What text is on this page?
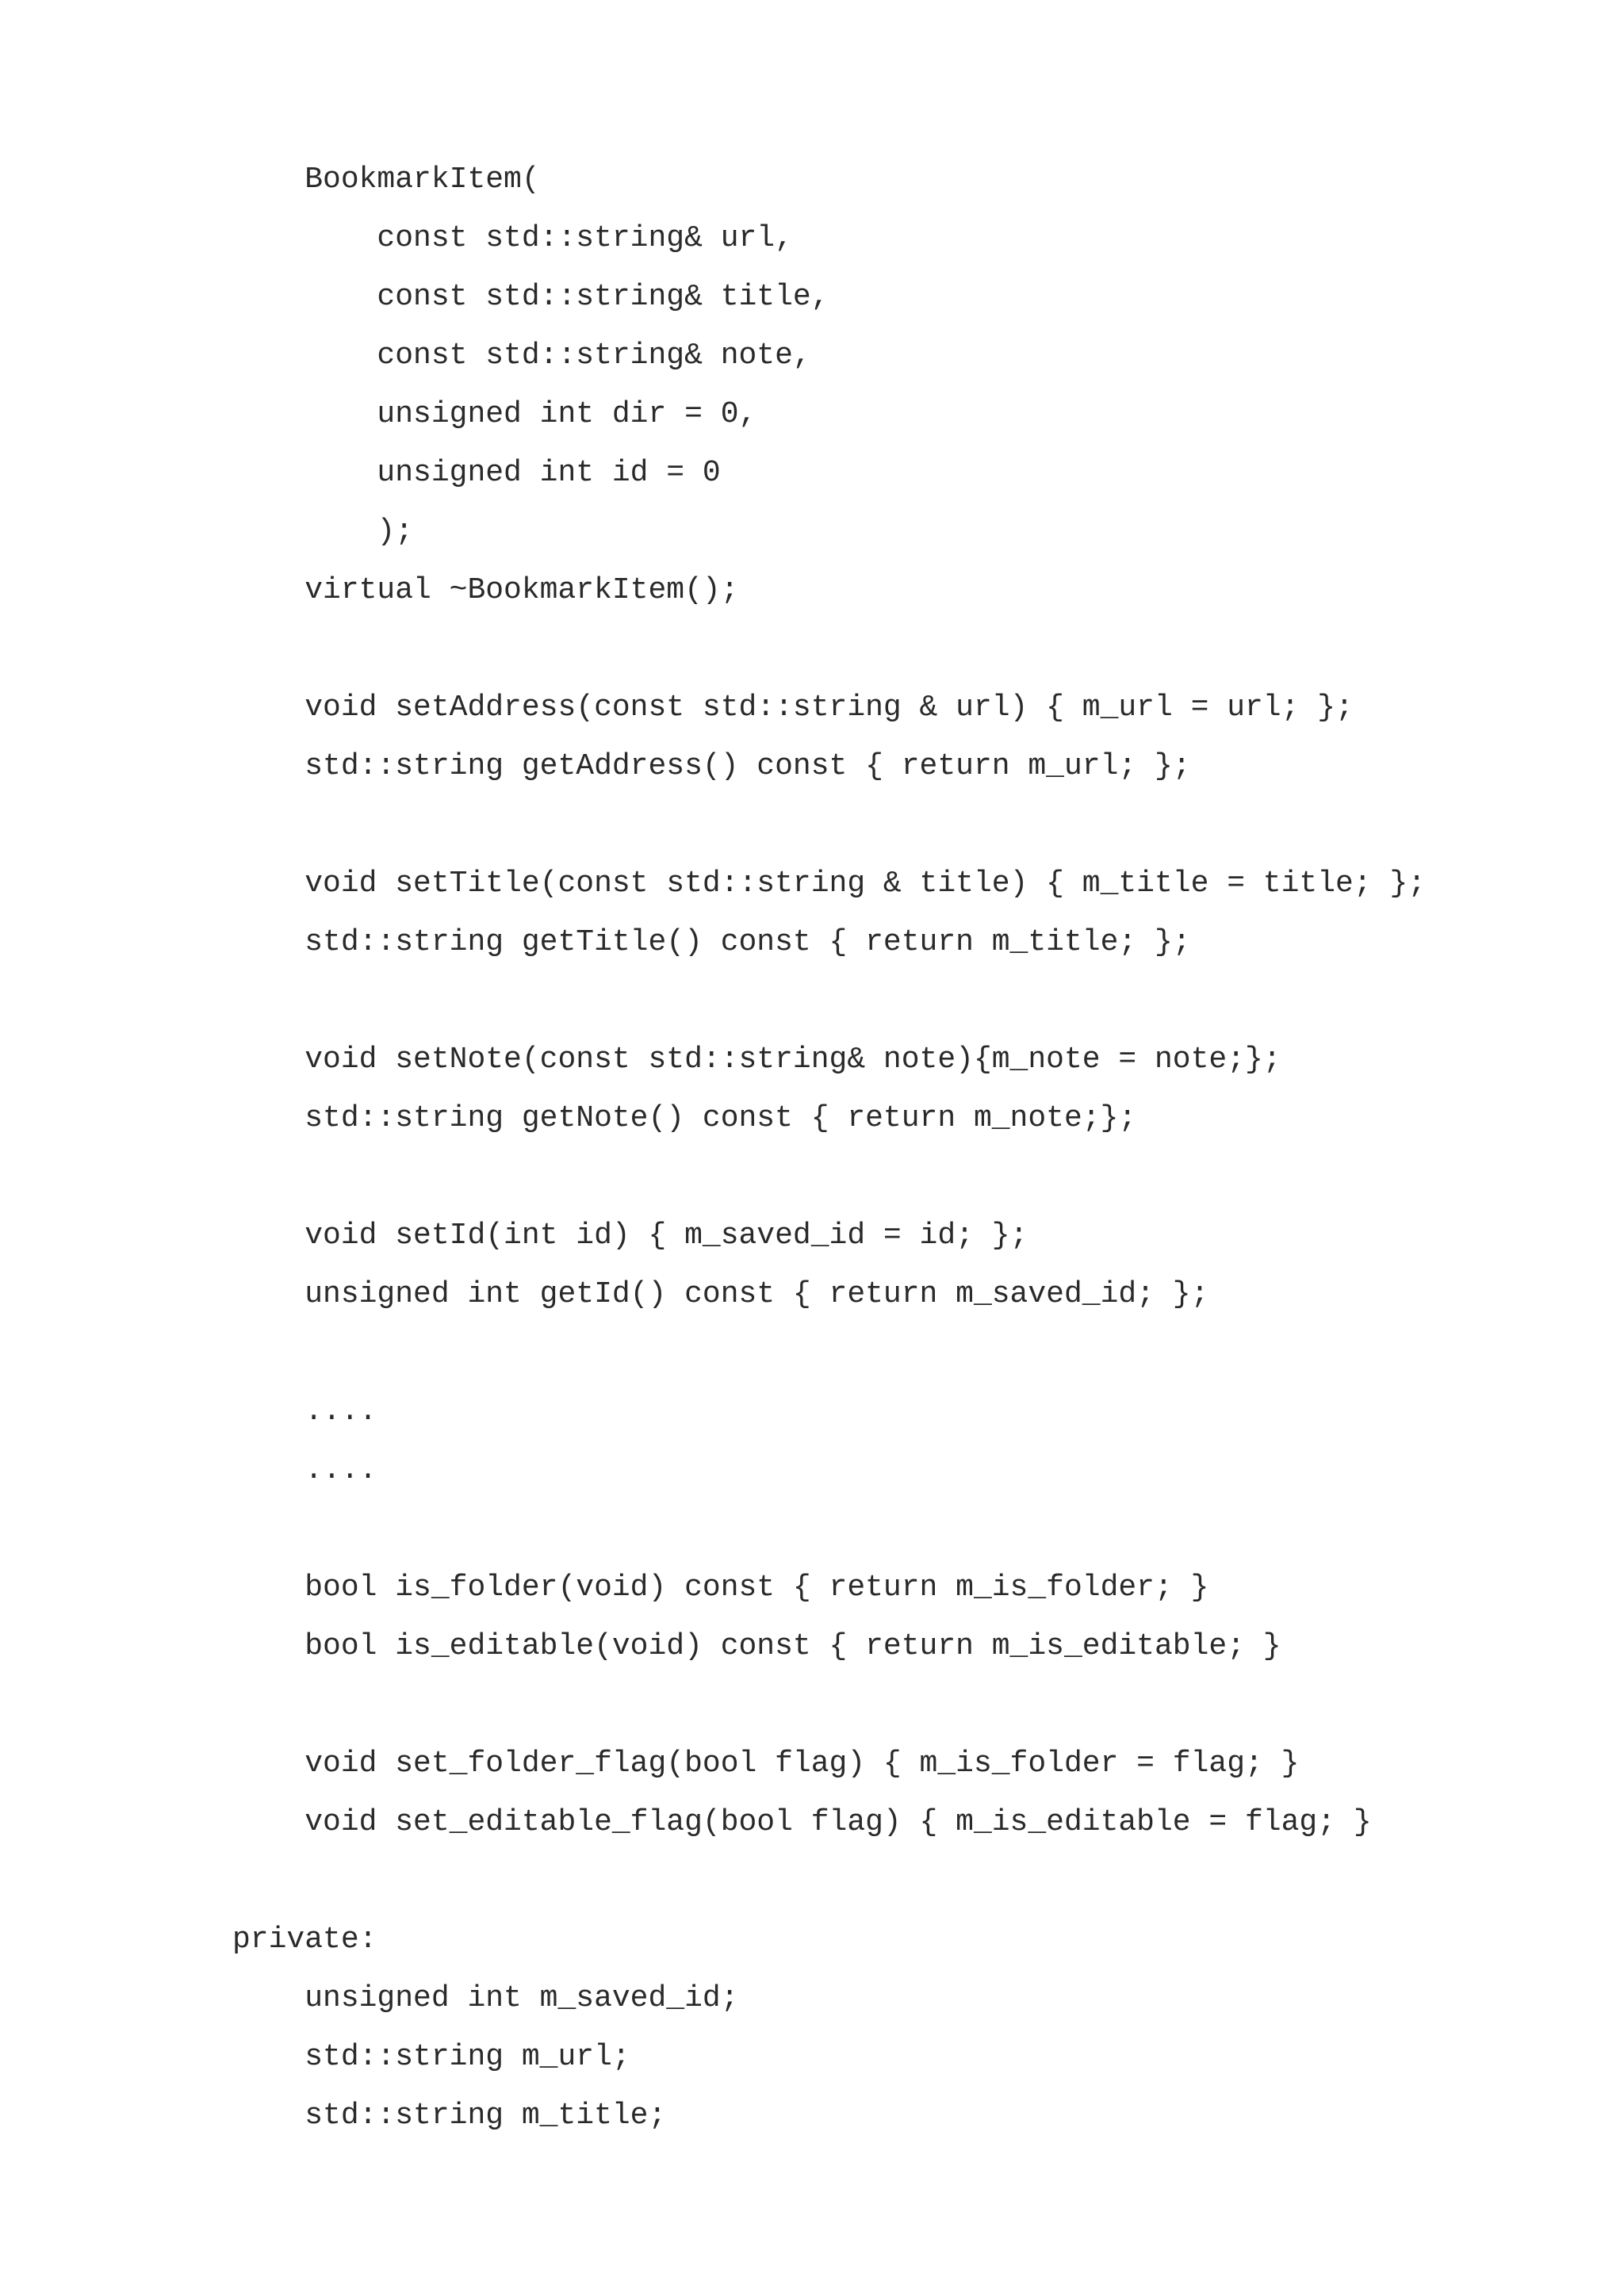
BookmarkItem(
const std::string& url,
const std::string& title,
const std::string& note,
unsigned int dir = 0,
unsigned int id = 0
);
virtual ~BookmarkItem();
void setAddress(const std::string & url) { m_url = url; };
std::string getAddress() const { return m_url; };
void setTitle(const std::string & title) { m_title = title; };
std::string getTitle() const { return m_title; };
void setNote(const std::string& note){m_note = note;};
std::string getNote() const { return m_note;};
void setId(int id) { m_saved_id = id; };
unsigned int getId() const { return m_saved_id; };
....
....
bool is_folder(void) const { return m_is_folder; }
bool is_editable(void) const { return m_is_editable; }
void set_folder_flag(bool flag) { m_is_folder = flag; }
void set_editable_flag(bool flag) { m_is_editable = flag; }
private:
unsigned int m_saved_id;
std::string m_url;
std::string m_title;
